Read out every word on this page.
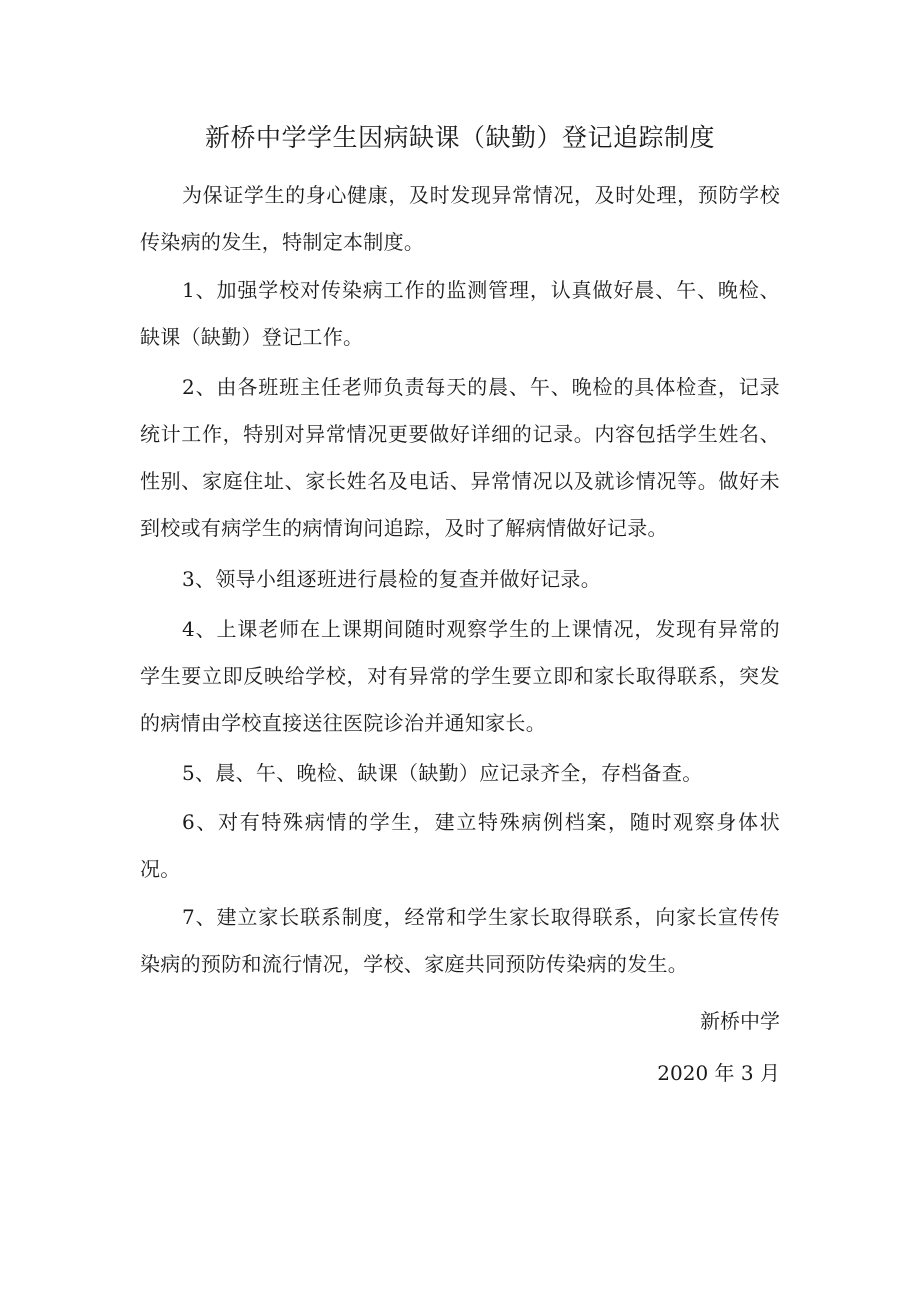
新桥中学学生因病缺课（缺勤）登记追踪制度

为保证学生的身心健康，及时发现异常情况，及时处理，预防学校传染病的发生，特制定本制度。

1、加强学校对传染病工作的监测管理，认真做好晨、午、晚检、缺课（缺勤）登记工作。

2、由各班班主任老师负责每天的晨、午、晚检的具体检查，记录统计工作，特别对异常情况更要做好详细的记录。内容包括学生姓名、性别、家庭住址、家长姓名及电话、异常情况以及就诊情况等。做好未到校或有病学生的病情询问追踪，及时了解病情做好记录。

3、领导小组逐班进行晨检的复查并做好记录。

4、上课老师在上课期间随时观察学生的上课情况，发现有异常的学生要立即反映给学校，对有异常的学生要立即和家长取得联系，突发的病情由学校直接送往医院诊治并通知家长。

5、晨、午、晚检、缺课（缺勤）应记录齐全，存档备查。

6、对有特殊病情的学生，建立特殊病例档案，随时观察身体状况。

7、建立家长联系制度，经常和学生家长取得联系，向家长宣传传染病的预防和流行情况，学校、家庭共同预防传染病的发生。

新桥中学

2020 年 3 月
